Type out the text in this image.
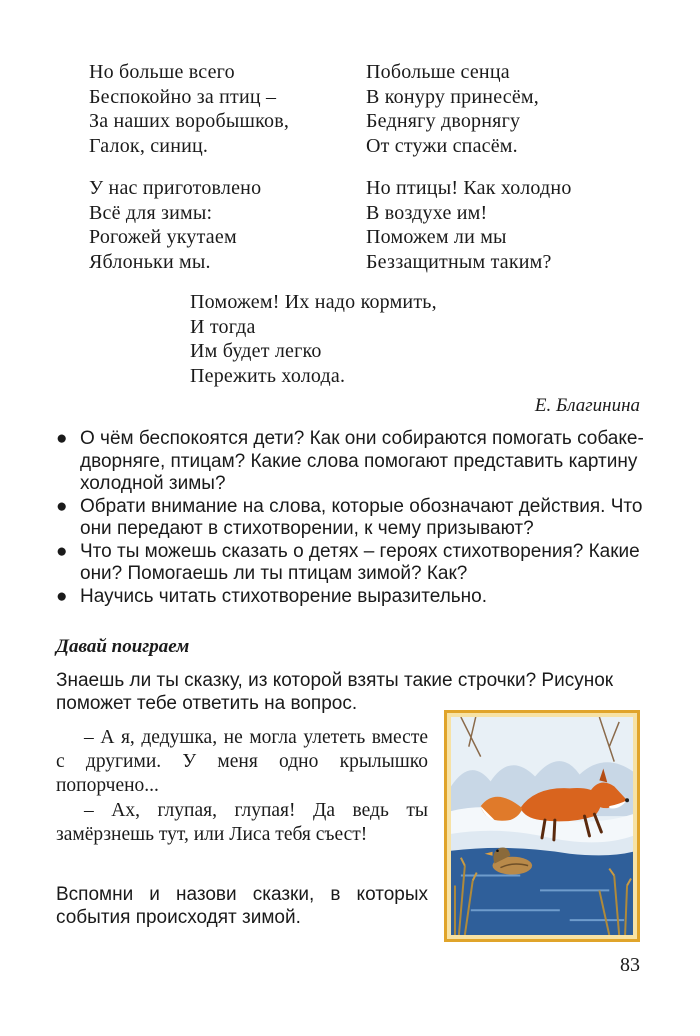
Но больше всего
Беспокойно за птиц –
За наших воробышков,
Галок, синиц.
Побольше сенца
В конуру принесём,
Беднягу дворнягу
От стужи спасём.
У нас приготовлено
Всё для зимы:
Рогожей укутаем
Яблоньки мы.
Но птицы! Как холодно
В воздухе им!
Поможем ли мы
Беззащитным таким?
Поможем! Их надо кормить,
И тогда
Им будет легко
Пережить холода.
Е. Благинина
● О чём беспокоятся дети? Как они собираются помогать собаке-дворняге, птицам? Какие слова помогают представить картину холодной зимы?
● Обрати внимание на слова, которые обозначают действия. Что они передают в стихотворении, к чему призывают?
● Что ты можешь сказать о детях – героях стихотворения? Какие они? Помогаешь ли ты птицам зимой? Как?
● Научись читать стихотворение выразительно.
Давай поиграем
Знаешь ли ты сказку, из которой взяты такие строчки? Рисунок поможет тебе ответить на вопрос.

– А я, дедушка, не могла улететь вместе с другими. У меня одно крылышко попорчено...

– Ах, глупая, глупая! Да ведь ты замёрзнешь тут, или Лиса тебя съест!

Вспомни и назови сказки, в которых события происходят зимой.
83
